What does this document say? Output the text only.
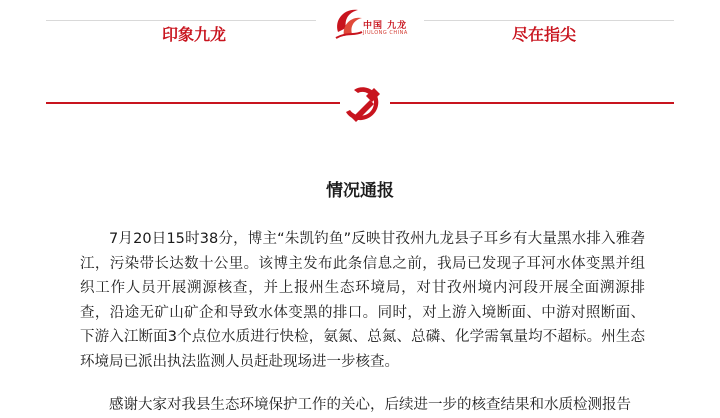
印象九龙	尽在指尖
中国 九龙
JIULONG CHINA
情况通报

7月20日15时38分，博主“朱凯钓鱼”反映甘孜州九龙县子耳乡有大量黑水排入雅砻江，污染带长达数十公里。该博主发布此条信息之前，我局已发现子耳河水体变黑并组织工作人员开展溯源核查，并上报州生态环境局，对甘孜州境内河段开展全面溯源排查，沿途无矿山矿企和导致水体变黑的排口。同时，对上游入境断面、中游对照断面、下游入江断面3个点位水质进行快检，氨氮、总氮、总磷、化学需氧量均不超标。州生态环境局已派出执法监测人员赶赴现场进一步核查。

感谢大家对我县生态环境保护工作的关心，后续进一步的核查结果和水质检测报告
